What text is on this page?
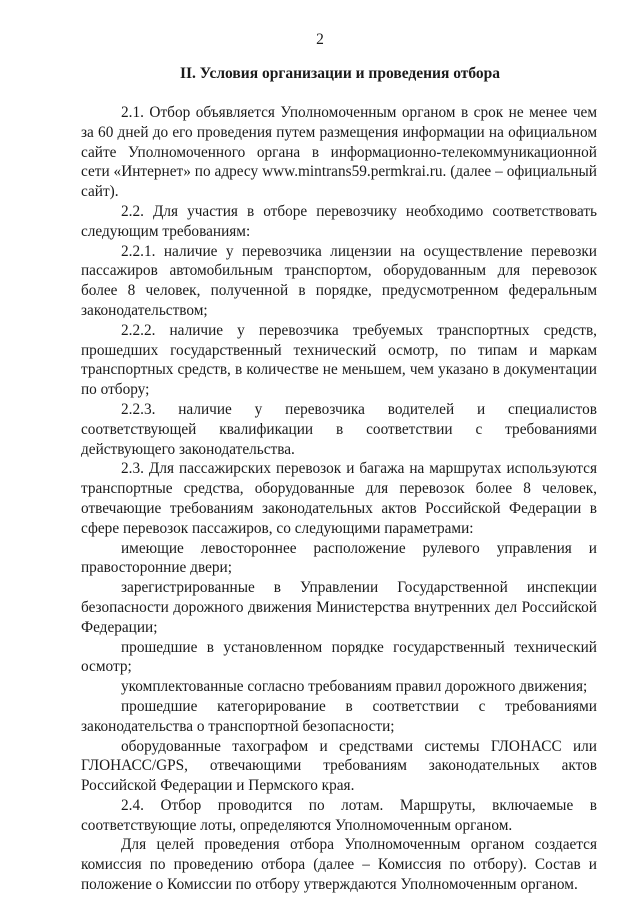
2
II. Условия организации и проведения отбора

2.1. Отбор объявляется Уполномоченным органом в срок не менее чем за 60 дней до его проведения путем размещения информации на официальном сайте Уполномоченного органа в информационно-телекоммуникационной сети «Интернет» по адресу www.mintrans59.permkrai.ru. (далее – официальный сайт).

2.2. Для участия в отборе перевозчику необходимо соответствовать следующим требованиям:

2.2.1. наличие у перевозчика лицензии на осуществление перевозки пассажиров автомобильным транспортом, оборудованным для перевозок более 8 человек, полученной в порядке, предусмотренном федеральным законодательством;

2.2.2. наличие у перевозчика требуемых транспортных средств, прошедших государственный технический осмотр, по типам и маркам транспортных средств, в количестве не меньшем, чем указано в документации по отбору;

2.2.3. наличие у перевозчика водителей и специалистов соответствующей квалификации в соответствии с требованиями действующего законодательства.

2.3. Для пассажирских перевозок и багажа на маршрутах используются транспортные средства, оборудованные для перевозок более 8 человек, отвечающие требованиям законодательных актов Российской Федерации в сфере перевозок пассажиров, со следующими параметрами:

имеющие левостороннее расположение рулевого управления и правосторонние двери;

зарегистрированные в Управлении Государственной инспекции безопасности дорожного движения Министерства внутренних дел Российской Федерации;

прошедшие в установленном порядке государственный технический осмотр;

укомплектованные согласно требованиям правил дорожного движения;

прошедшие категорирование в соответствии с требованиями законодательства о транспортной безопасности;

оборудованные тахографом и средствами системы ГЛОНАСС или ГЛОНАСС/GPS, отвечающими требованиям законодательных актов Российской Федерации и Пермского края.

2.4. Отбор проводится по лотам. Маршруты, включаемые в соответствующие лоты, определяются Уполномоченным органом.

Для целей проведения отбора Уполномоченным органом создается комиссия по проведению отбора (далее – Комиссия по отбору). Состав и положение о Комиссии по отбору утверждаются Уполномоченным органом.
